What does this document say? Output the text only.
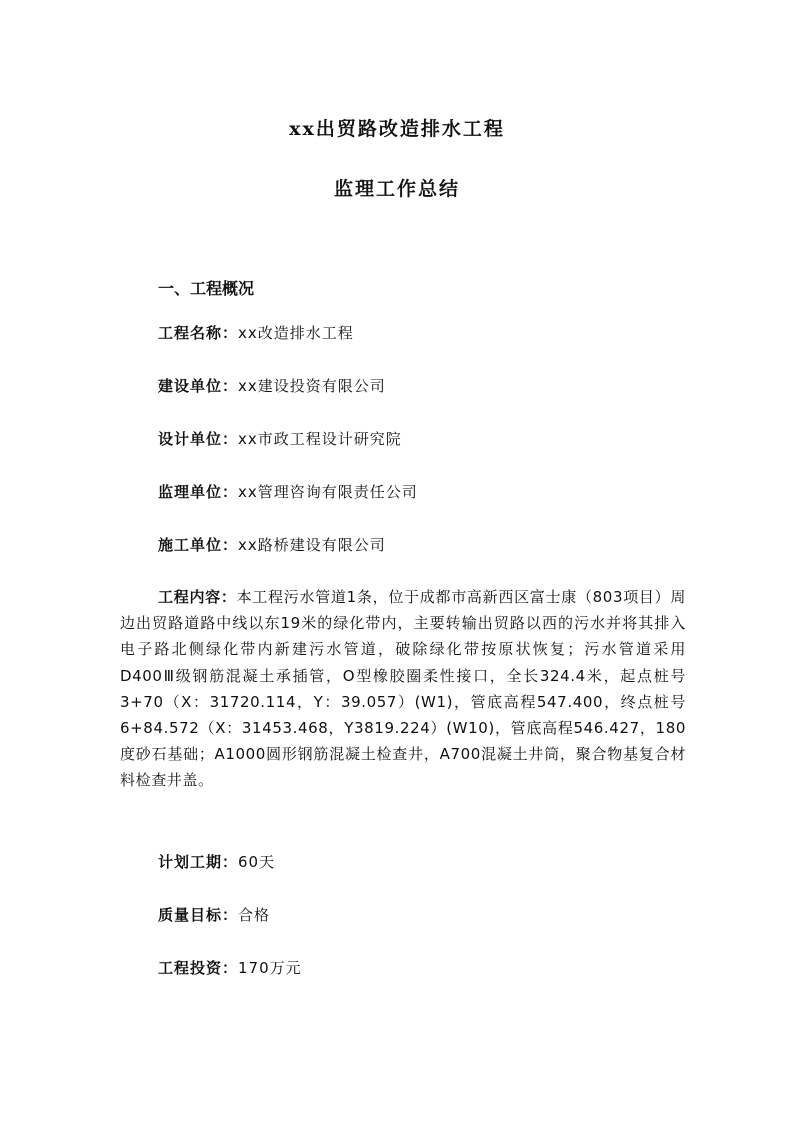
xx出贸路改造排水工程
监理工作总结
一、工程概况
工程名称：xx改造排水工程
建设单位：xx建设投资有限公司
设计单位：xx市政工程设计研究院
监理单位：xx管理咨询有限责任公司
施工单位：xx路桥建设有限公司
工程内容：本工程污水管道1条，位于成都市高新西区富士康（803项目）周边出贸路道路中线以东19米的绿化带内，主要转输出贸路以西的污水并将其排入电子路北侧绿化带内新建污水管道，破除绿化带按原状恢复；污水管道采用D400Ⅲ级钢筋混凝土承插管，O型橡胶圈柔性接口，全长324.4米，起点桩号3+70（X：31720.114，Y：39.057）(W1)，管底高程547.400，终点桩号6+84.572（X：31453.468，Y3819.224）(W10)，管底高程546.427，180度砂石基础；A1000圆形钢筋混凝土检查井，A700混凝土井筒，聚合物基复合材料检查井盖。
计划工期：60天
质量目标：合格
工程投资：170万元
